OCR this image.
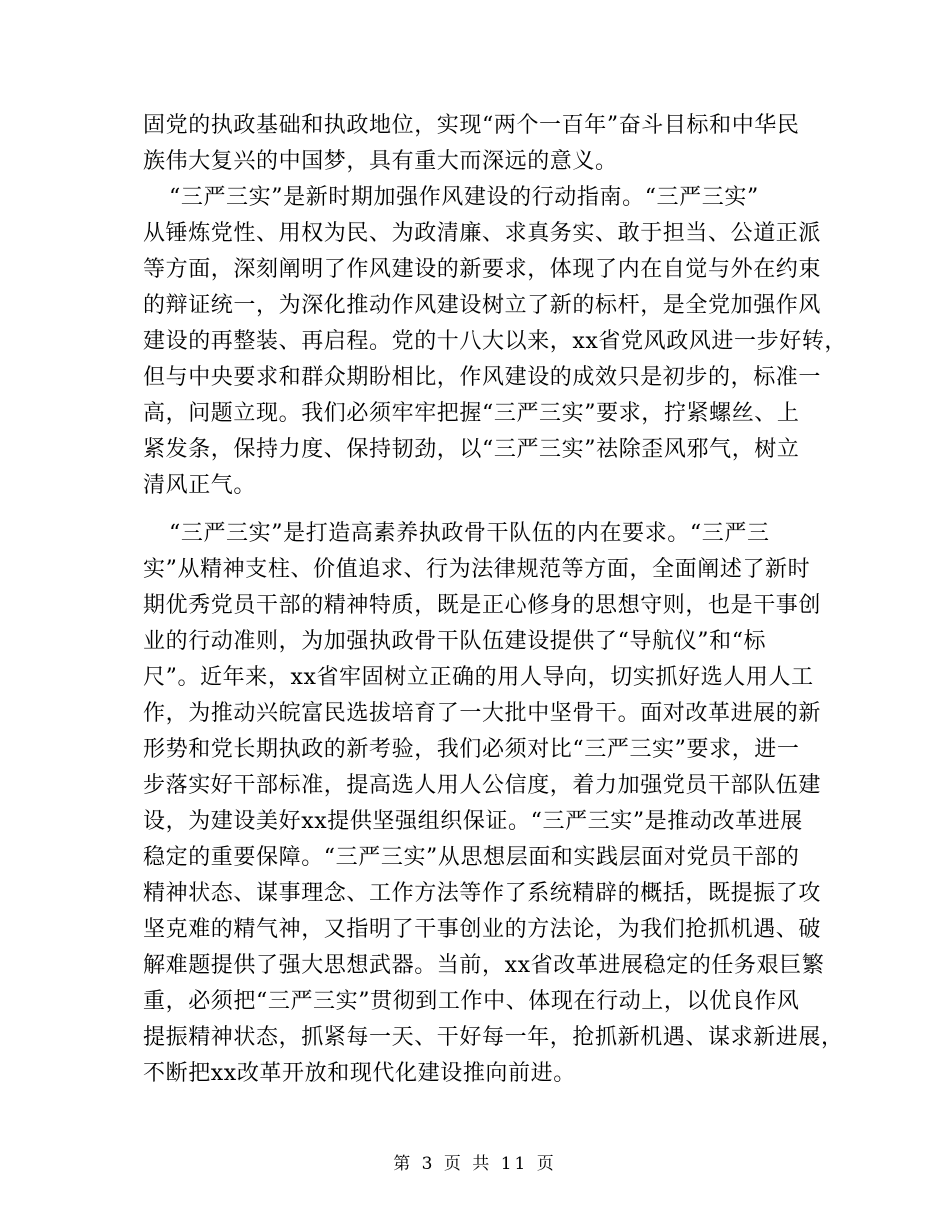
固党的执政基础和执政地位，实现“两个一百年”奋斗目标和中华民
族伟大复兴的中国梦，具有重大而深远的意义。
“三严三实”是新时期加强作风建设的行动指南。“三严三实”
从锤炼党性、用权为民、为政清廉、求真务实、敢于担当、公道正派
等方面，深刻阐明了作风建设的新要求，体现了内在自觉与外在约束
的辩证统一，为深化推动作风建设树立了新的标杆，是全党加强作风
建设的再整装、再启程。党的十八大以来，xx省党风政风进一步好转，
但与中央要求和群众期盼相比，作风建设的成效只是初步的，标准一
高，问题立现。我们必须牢牢把握“三严三实”要求，拧紧螺丝、上
紧发条，保持力度、保持韧劲，以“三严三实”祛除歪风邪气，树立
清风正气。
“三严三实”是打造高素养执政骨干队伍的内在要求。“三严三
实”从精神支柱、价值追求、行为法律规范等方面，全面阐述了新时
期优秀党员干部的精神特质，既是正心修身的思想守则，也是干事创
业的行动准则，为加强执政骨干队伍建设提供了“导航仪”和“标
尺”。近年来，xx省牢固树立正确的用人导向，切实抓好选人用人工
作，为推动兴皖富民选拔培育了一大批中坚骨干。面对改革进展的新
形势和党长期执政的新考验，我们必须对比“三严三实”要求，进一
步落实好干部标准，提高选人用人公信度，着力加强党员干部队伍建
设，为建设美好xx提供坚强组织保证。“三严三实”是推动改革进展
稳定的重要保障。“三严三实”从思想层面和实践层面对党员干部的
精神状态、谋事理念、工作方法等作了系统精辟的概括，既提振了攻
坚克难的精气神，又指明了干事创业的方法论，为我们抢抓机遇、破
解难题提供了强大思想武器。当前，xx省改革进展稳定的任务艰巨繁
重，必须把“三严三实”贯彻到工作中、体现在行动上，以优良作风
提振精神状态，抓紧每一天、干好每一年，抢抓新机遇、谋求新进展，
不断把xx改革开放和现代化建设推向前进。
第 3 页 共 11 页
